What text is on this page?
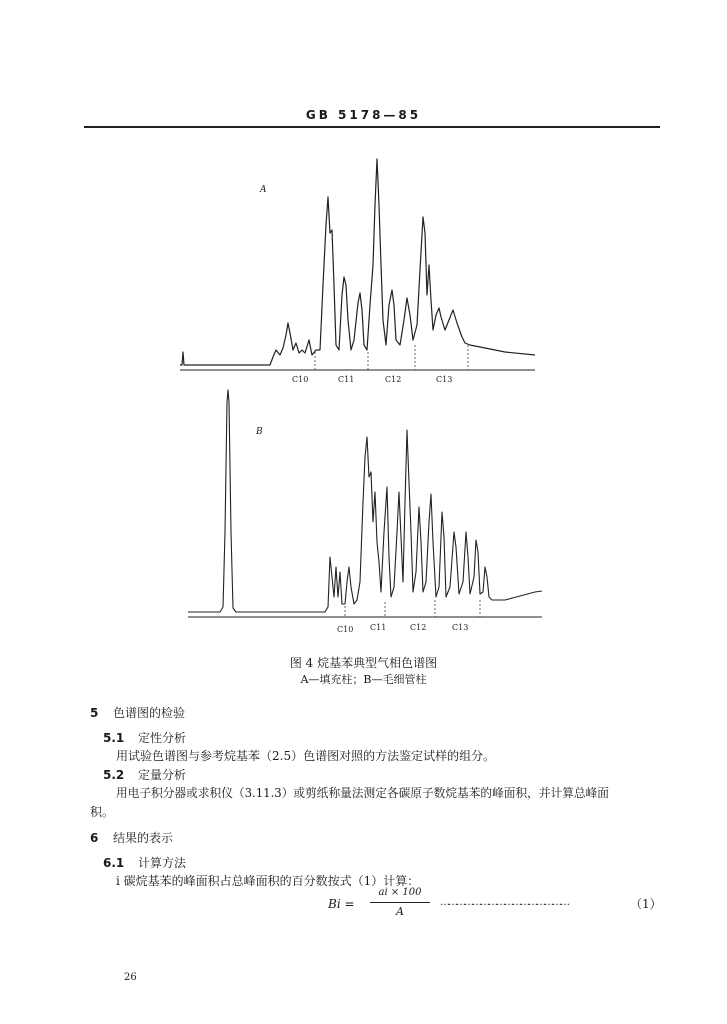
GB 5178—85
A
C10	C11	C12	C13
B
C10 C11	C12	C13
图 4 烷基苯典型气相色谱图
A—填充柱；B—毛细管柱
5 色谱图的检验
5.1 定性分析
用试验色谱图与参考烷基苯（2.5）色谱图对照的方法鉴定试样的组分。
5.2 定量分析
用电子积分器或求积仪（3.11.3）或剪纸称量法测定各碳原子数烷基苯的峰面积，并计算总峰面
积。
6 结果的表示
6.1 计算方法
i 碳烷基苯的峰面积占总峰面积的百分数按式（1）计算：
Bi =
ai × 100
A
…………………………………………	（1）
26
